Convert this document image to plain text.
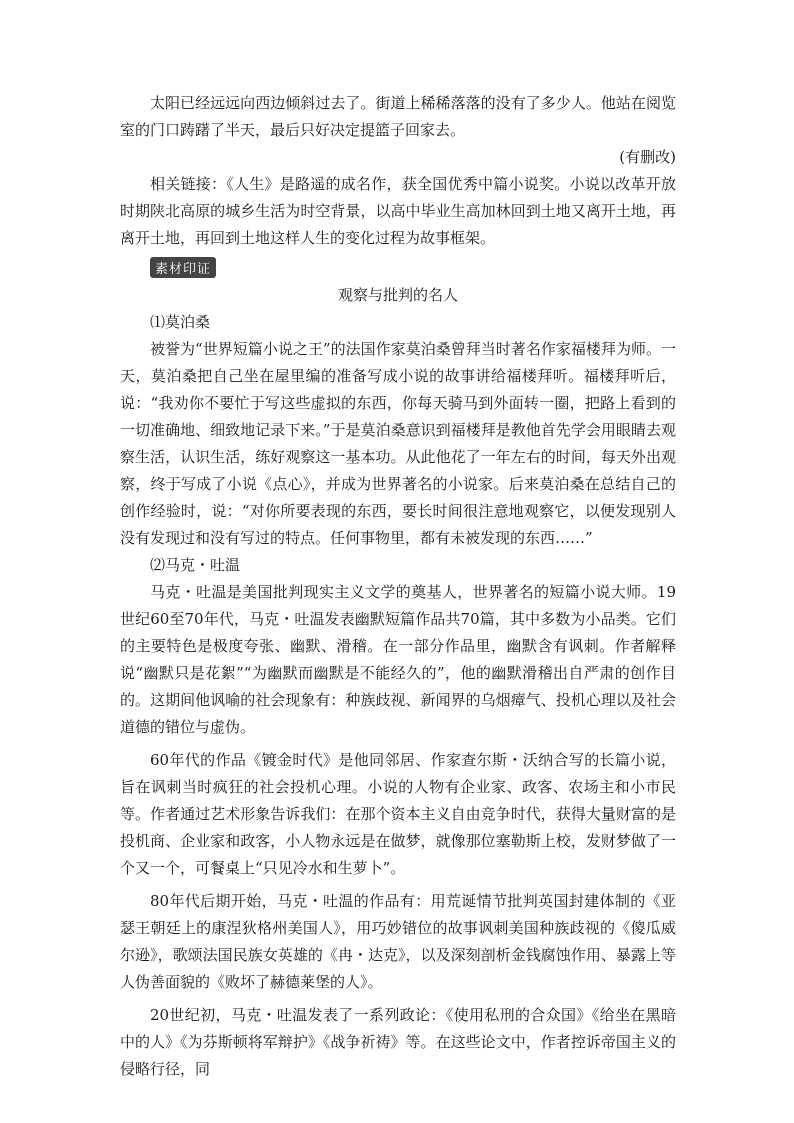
太阳已经远远向西边倾斜过去了。街道上稀稀落落的没有了多少人。他站在阅览室的门口踌躇了半天，最后只好决定提篮子回家去。

(有删改)

相关链接：《人生》是路遥的成名作，获全国优秀中篇小说奖。小说以改革开放时期陕北高原的城乡生活为时空背景，以高中毕业生高加林回到土地又离开土地，再离开土地，再回到土地这样人生的变化过程为故事框架。

素材印证

观察与批判的名人

⑴莫泊桑

被誉为“世界短篇小说之王”的法国作家莫泊桑曾拜当时著名作家福楼拜为师。一天，莫泊桑把自己坐在屋里编的准备写成小说的故事讲给福楼拜听。福楼拜听后，说：“我劝你不要忙于写这些虚拟的东西，你每天骑马到外面转一圈，把路上看到的一切准确地、细致地记录下来。”于是莫泊桑意识到福楼拜是教他首先学会用眼睛去观察生活，认识生活，练好观察这一基本功。从此他花了一年左右的时间，每天外出观察，终于写成了小说《点心》，并成为世界著名的小说家。后来莫泊桑在总结自己的创作经验时，说：“对你所要表现的东西，要长时间很注意地观察它，以便发现别人没有发现过和没有写过的特点。任何事物里，都有未被发现的东西……”

⑵马克・吐温

马克・吐温是美国批判现实主义文学的奠基人，世界著名的短篇小说大师。19世纪60至70年代，马克・吐温发表幽默短篇作品共70篇，其中多数为小品类。它们的主要特色是极度夸张、幽默、滑稽。在一部分作品里，幽默含有讽刺。作者解释说“幽默只是花絮”“为幽默而幽默是不能经久的”，他的幽默滑稽出自严肃的创作目的。这期间他讽喻的社会现象有：种族歧视、新闻界的乌烟瘴气、投机心理以及社会道德的错位与虚伪。

60年代的作品《镀金时代》是他同邻居、作家查尔斯・沃纳合写的长篇小说，旨在讽刺当时疯狂的社会投机心理。小说的人物有企业家、政客、农场主和小市民等。作者通过艺术形象告诉我们：在那个资本主义自由竞争时代，获得大量财富的是投机商、企业家和政客，小人物永远是在做梦，就像那位塞勒斯上校，发财梦做了一个又一个，可餐桌上“只见冷水和生萝卜”。

80年代后期开始，马克・吐温的作品有：用荒诞情节批判英国封建体制的《亚瑟王朝廷上的康涅狄格州美国人》，用巧妙错位的故事讽刺美国种族歧视的《傻瓜威尔逊》，歌颂法国民族女英雄的《冉・达克》，以及深刻剖析金钱腐蚀作用、暴露上等人伪善面貌的《败坏了赫德莱堡的人》。

20世纪初，马克・吐温发表了一系列政论：《使用私刑的合众国》《给坐在黑暗中的人》《为芬斯顿将军辩护》《战争祈祷》等。在这些论文中，作者控诉帝国主义的侵略行径，同
